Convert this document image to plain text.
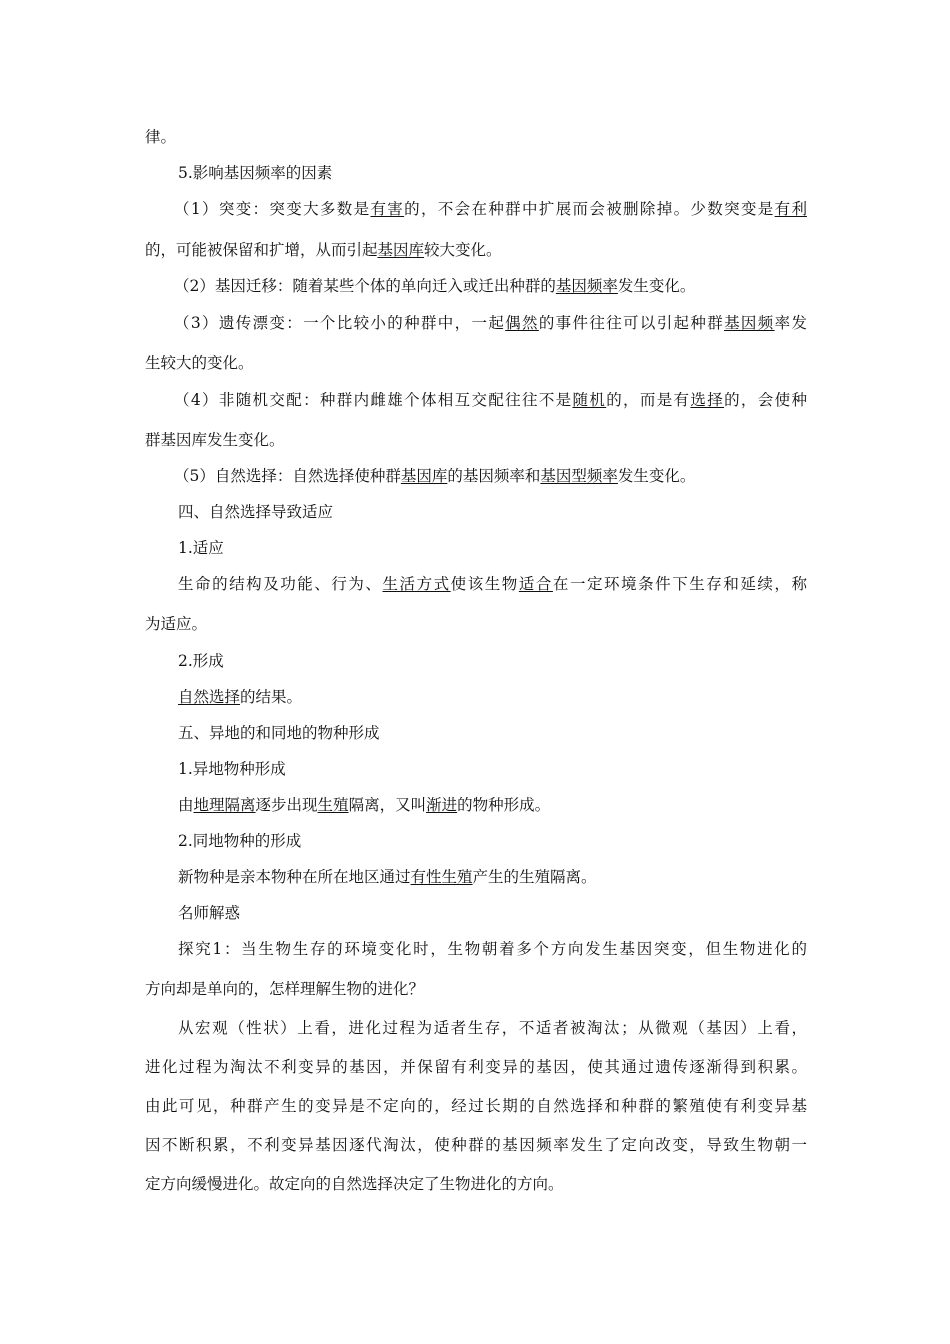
律。
5.影响基因频率的因素
（1）突变：突变大多数是有害的，不会在种群中扩展而会被删除掉。少数突变是有利
的，可能被保留和扩增，从而引起基因库较大变化。
（2）基因迁移：随着某些个体的单向迁入或迁出种群的基因频率发生变化。
（3）遗传漂变：一个比较小的种群中，一起偶然的事件往往可以引起种群基因频率发
生较大的变化。
（4）非随机交配：种群内雌雄个体相互交配往往不是随机的，而是有选择的，会使种
群基因库发生变化。
（5）自然选择：自然选择使种群基因库的基因频率和基因型频率发生变化。
四、自然选择导致适应
1.适应
生命的结构及功能、行为、生活方式使该生物适合在一定环境条件下生存和延续，称
为适应。
2.形成
自然选择的结果。
五、异地的和同地的物种形成
1.异地物种形成
由地理隔离逐步出现生殖隔离，又叫渐进的物种形成。
2.同地物种的形成
新物种是亲本物种在所在地区通过有性生殖产生的生殖隔离。
名师解惑
探究1：当生物生存的环境变化时，生物朝着多个方向发生基因突变，但生物进化的
方向却是单向的，怎样理解生物的进化？
从宏观（性状）上看，进化过程为适者生存，不适者被淘汰；从微观（基因）上看，
进化过程为淘汰不利变异的基因，并保留有利变异的基因，使其通过遗传逐渐得到积累。
由此可见，种群产生的变异是不定向的，经过长期的自然选择和种群的繁殖使有利变异基
因不断积累，不利变异基因逐代淘汰，使种群的基因频率发生了定向改变，导致生物朝一
定方向缓慢进化。故定向的自然选择决定了生物进化的方向。
